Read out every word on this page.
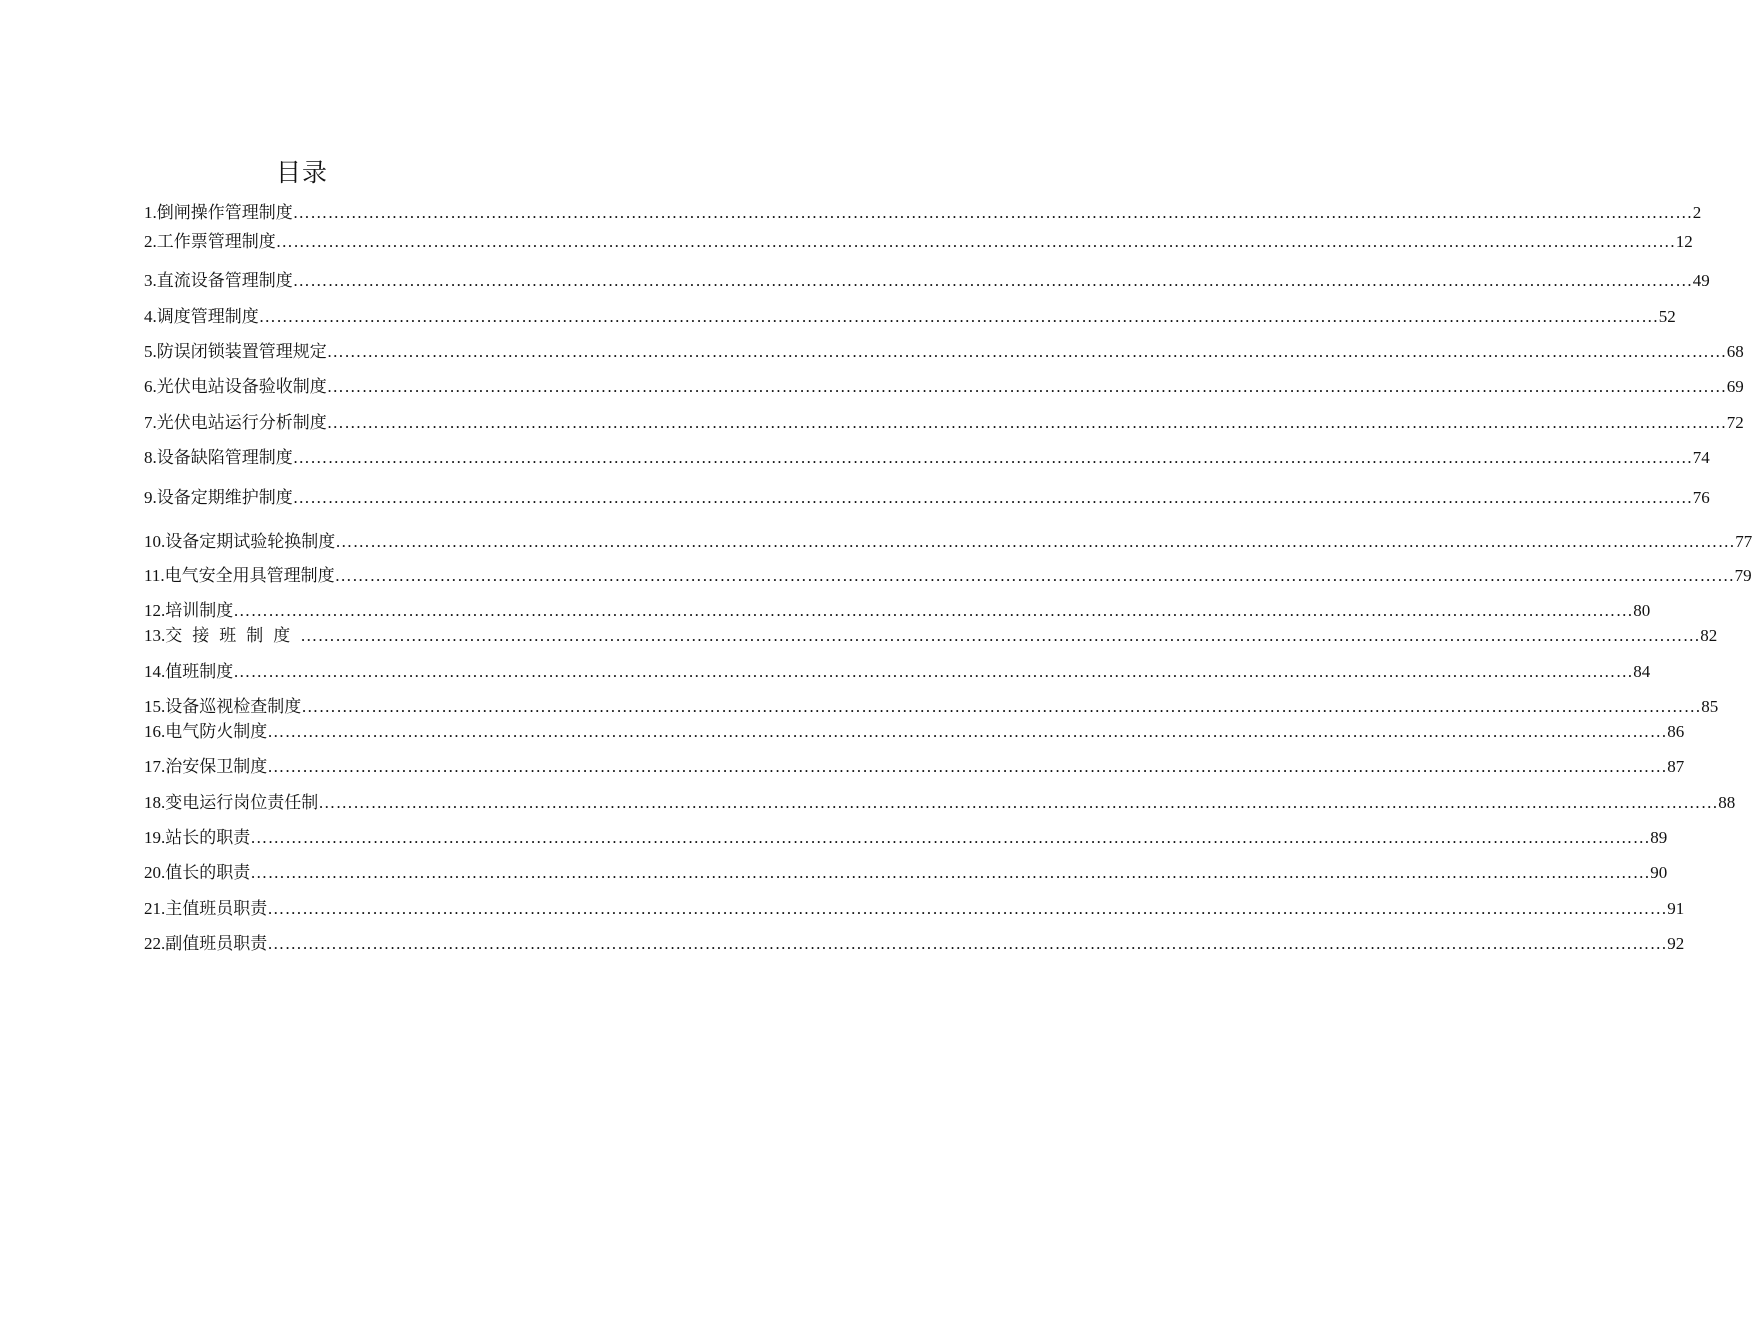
目录
1. 倒闸操作管理制度 …………………………………………………………………………………………………………………………………………………………………………………………………………………… 2
2. 工作票管理制度 …………………………………………………………………………………………………………………………………………………………………………………………………………………… 12
3. 直流设备管理制度 …………………………………………………………………………………………………………………………………………………………………………………………………………………… 49
4. 调度管理制度 …………………………………………………………………………………………………………………………………………………………………………………………………………………… 52
5. 防误闭锁装置管理规定 …………………………………………………………………………………………………………………………………………………………………………………………………………………… 68
6. 光伏电站设备验收制度 …………………………………………………………………………………………………………………………………………………………………………………………………………………… 69
7. 光伏电站运行分析制度 …………………………………………………………………………………………………………………………………………………………………………………………………………………… 72
8. 设备缺陷管理制度 …………………………………………………………………………………………………………………………………………………………………………………………………………………… 74
9. 设备定期维护制度 …………………………………………………………………………………………………………………………………………………………………………………………………………………… 76
10. 设备定期试验轮换制度 …………………………………………………………………………………………………………………………………………………………………………………………………………………… 77
11. 电气安全用具管理制度 …………………………………………………………………………………………………………………………………………………………………………………………………………………… 79
12. 培训制度 …………………………………………………………………………………………………………………………………………………………………………………………………………………… 80
13. 交接班制度 …………………………………………………………………………………………………………………………………………………………………………………………………………………… 82
14. 值班制度 …………………………………………………………………………………………………………………………………………………………………………………………………………………… 84
15. 设备巡视检查制度 …………………………………………………………………………………………………………………………………………………………………………………………………………………… 85
16. 电气防火制度 …………………………………………………………………………………………………………………………………………………………………………………………………………………… 86
17. 治安保卫制度 …………………………………………………………………………………………………………………………………………………………………………………………………………………… 87
18. 变电运行岗位责任制 …………………………………………………………………………………………………………………………………………………………………………………………………………………… 88
19. 站长的职责 …………………………………………………………………………………………………………………………………………………………………………………………………………………… 89
20. 值长的职责 …………………………………………………………………………………………………………………………………………………………………………………………………………………… 90
21. 主值班员职责 …………………………………………………………………………………………………………………………………………………………………………………………………………………… 91
22. 副值班员职责 …………………………………………………………………………………………………………………………………………………………………………………………………………………… 92
